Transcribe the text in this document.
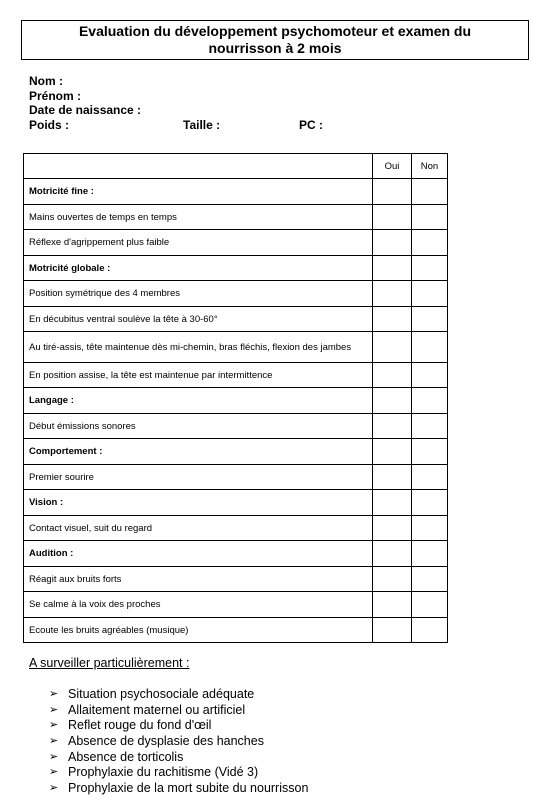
Evaluation du développement psychomoteur et examen du nourrisson à 2 mois
Nom :
Prénom :
Date de naissance :
Poids :	Taille :	PC :
	Oui	Non
Motricité fine :		
Mains ouvertes de temps en temps		
Réflexe d'agrippement plus faible		
Motricité globale :		
Position symétrique des 4 membres		
En décubitus ventral soulève la tête à 30-60°		
Au tiré-assis, tête maintenue dès mi-chemin, bras fléchis, flexion des jambes		
En position assise, la tête est maintenue par intermittence		
Langage :		
Début émissions sonores		
Comportement :		
Premier sourire		
Vision :		
Contact visuel, suit du regard		
Audition :		
Réagit aux bruits forts		
Se calme à la voix des proches		
Ecoute les bruits agréables (musique)		
A surveiller particulièrement :
➢ Situation psychosociale adéquate
➢ Allaitement maternel ou artificiel
➢ Reflet rouge du fond d'œil
➢ Absence de dysplasie des hanches
➢ Absence de torticolis
➢ Prophylaxie du rachitisme (Vidé 3)
➢ Prophylaxie de la mort subite du nourrisson
